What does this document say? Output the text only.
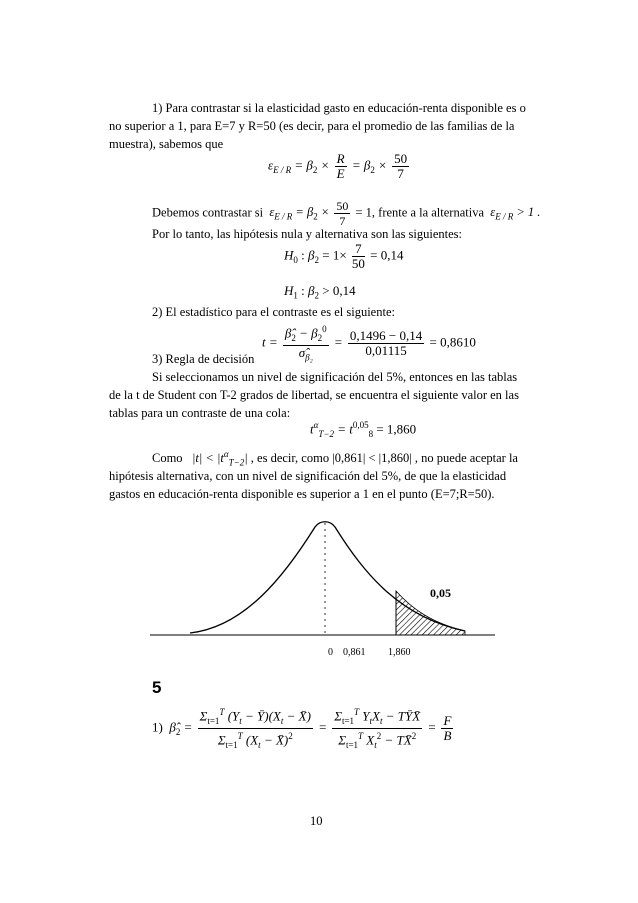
1) Para contrastar si la elasticidad gasto en educación-renta disponible es o
no superior a 1, para E=7 y R=50 (es decir, para el promedio de las familias de la
muestra), sabemos que
$\varepsilon_{E / R} = \beta_2 \times \frac{R}{E} = \beta_2 \times \frac{50}{7}$
Debemos contrastar si  $\varepsilon_{E / R} = \beta_2 \times \frac{50}{7} = 1$, frente a la alternativa  $\varepsilon_{E / R} > 1$ .
Por lo tanto, las hipótesis nula y alternativa son las siguientes:
$H_0$ : $\beta_2 = 1\times \frac{7}{50} = 0,14$
$H_1$ : $\beta_2 > 0,14$
2) El estadístico para el contraste es el siguiente:
$t = \frac{\betâ_2 - \beta_2^0}{\sigmâ_{\beta_2}} = \frac{0,1496 - 0,14}{0,01115} = 0,8610$
3) Regla de decisión
Si seleccionamos un nivel de significación del 5%, entonces en las tablas
de la t de Student con T-2 grados de libertad, se encuentra el siguiente valor en las
tablas para un contraste de una cola:
$t^\alpha_{T-2} = t^{0,05}_8 = 1,860$
Como   $|t| < |t^\alpha_{T-2}|$ , es decir, como |0,861| < |1,860| , no puede aceptar la
hipótesis alternativa, con un nivel de significación del 5%, de que la elasticidad
gastos en educación-renta disponible es superior a 1 en el punto (E=7;R=50).
0,05
0 0,861 1,860
5
1)  $\betâ_2 = \frac{\Sigma_{t=1}^T (Y_t - Ȳ)(X_t - X̄)}{\Sigma_{t=1}^T (X_t - X̄)^2} = \frac{\Sigma_{t=1}^T Y_tX_t - TȲX̄}{\Sigma_{t=1}^T X_t^2 - TX̄^2} = \frac{F}{B}$
10
